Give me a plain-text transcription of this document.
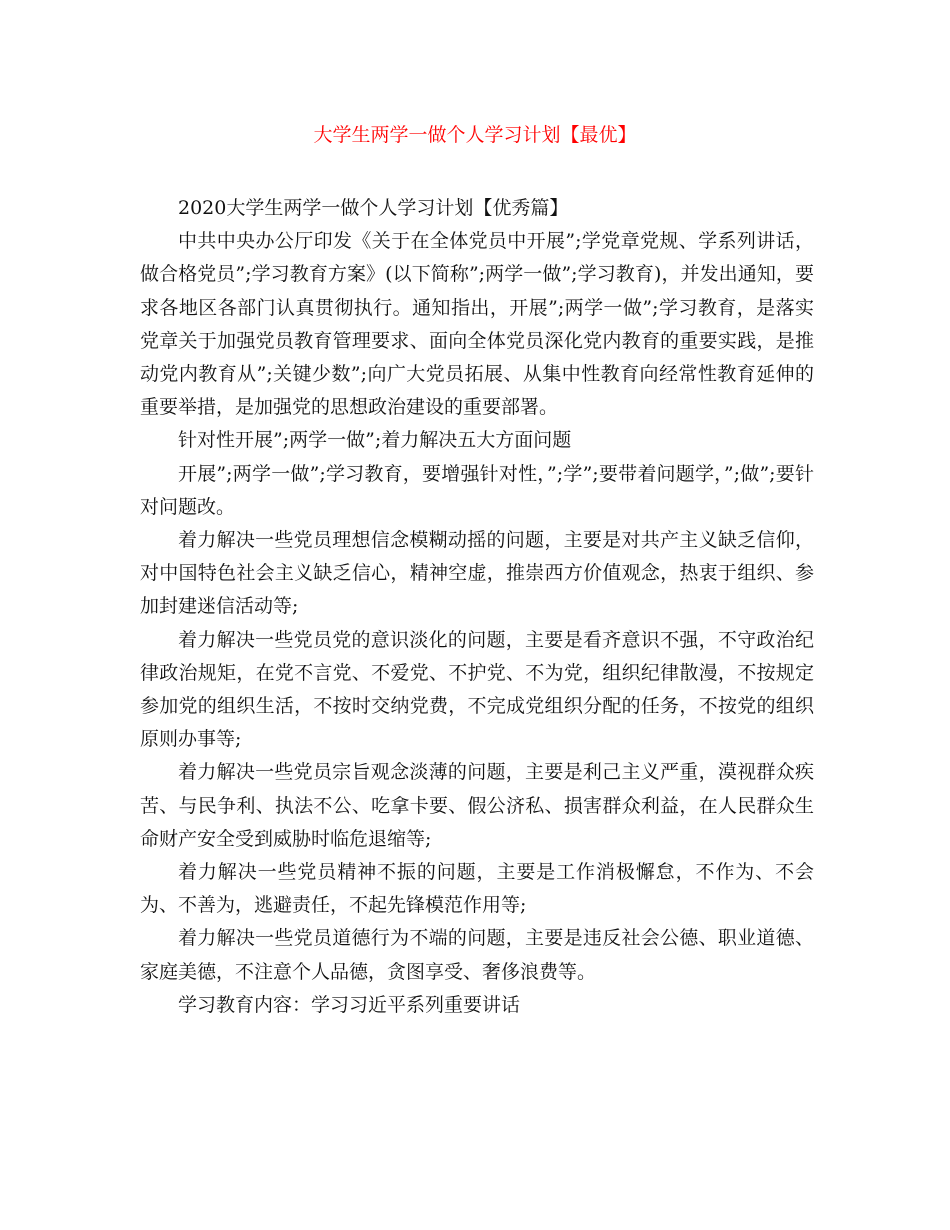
大学生两学一做个人学习计划【最优】

2020大学生两学一做个人学习计划【优秀篇】

中共中央办公厅印发《关于在全体党员中开展”;学党章党规、学系列讲话，做合格党员”;学习教育方案》(以下简称”;两学一做”;学习教育)，并发出通知，要求各地区各部门认真贯彻执行。通知指出，开展”;两学一做”;学习教育，是落实党章关于加强党员教育管理要求、面向全体党员深化党内教育的重要实践，是推动党内教育从”;关键少数”;向广大党员拓展、从集中性教育向经常性教育延伸的重要举措，是加强党的思想政治建设的重要部署。

针对性开展”;两学一做”;着力解决五大方面问题

开展”;两学一做”;学习教育，要增强针对性，”;学”;要带着问题学，”;做”;要针对问题改。

着力解决一些党员理想信念模糊动摇的问题，主要是对共产主义缺乏信仰，对中国特色社会主义缺乏信心，精神空虚，推崇西方价值观念，热衷于组织、参加封建迷信活动等;

着力解决一些党员党的意识淡化的问题，主要是看齐意识不强，不守政治纪律政治规矩，在党不言党、不爱党、不护党、不为党，组织纪律散漫，不按规定参加党的组织生活，不按时交纳党费，不完成党组织分配的任务，不按党的组织原则办事等;

着力解决一些党员宗旨观念淡薄的问题，主要是利己主义严重，漠视群众疾苦、与民争利、执法不公、吃拿卡要、假公济私、损害群众利益，在人民群众生命财产安全受到威胁时临危退缩等;

着力解决一些党员精神不振的问题，主要是工作消极懈怠，不作为、不会为、不善为，逃避责任，不起先锋模范作用等;

着力解决一些党员道德行为不端的问题，主要是违反社会公德、职业道德、家庭美德，不注意个人品德，贪图享受、奢侈浪费等。

学习教育内容：学习习近平系列重要讲话
